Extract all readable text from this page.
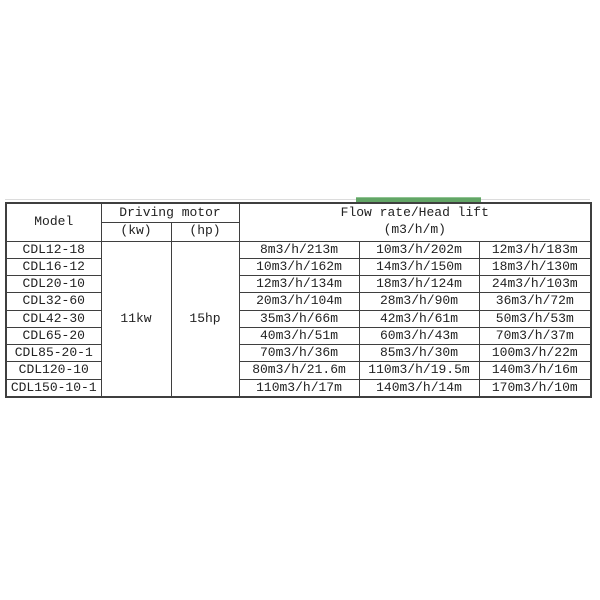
Model	Driving motor		Flow rate/Head lift
(m3/h/m)		

	(kw)	(hp)			
CDL12-18	11kw	15hp	8m3/h/213m	10m3/h/202m	12m3/h/183m
CDL16-12			10m3/h/162m	14m3/h/150m	18m3/h/130m
CDL20-10			12m3/h/134m	18m3/h/124m	24m3/h/103m
CDL32-60			20m3/h/104m	28m3/h/90m	36m3/h/72m
CDL42-30			35m3/h/66m	42m3/h/61m	50m3/h/53m
CDL65-20			40m3/h/51m	60m3/h/43m	70m3/h/37m
CDL85-20-1			70m3/h/36m	85m3/h/30m	100m3/h/22m
CDL120-10			80m3/h/21.6m	110m3/h/19.5m	140m3/h/16m
CDL150-10-1			110m3/h/17m	140m3/h/14m	170m3/h/10m
